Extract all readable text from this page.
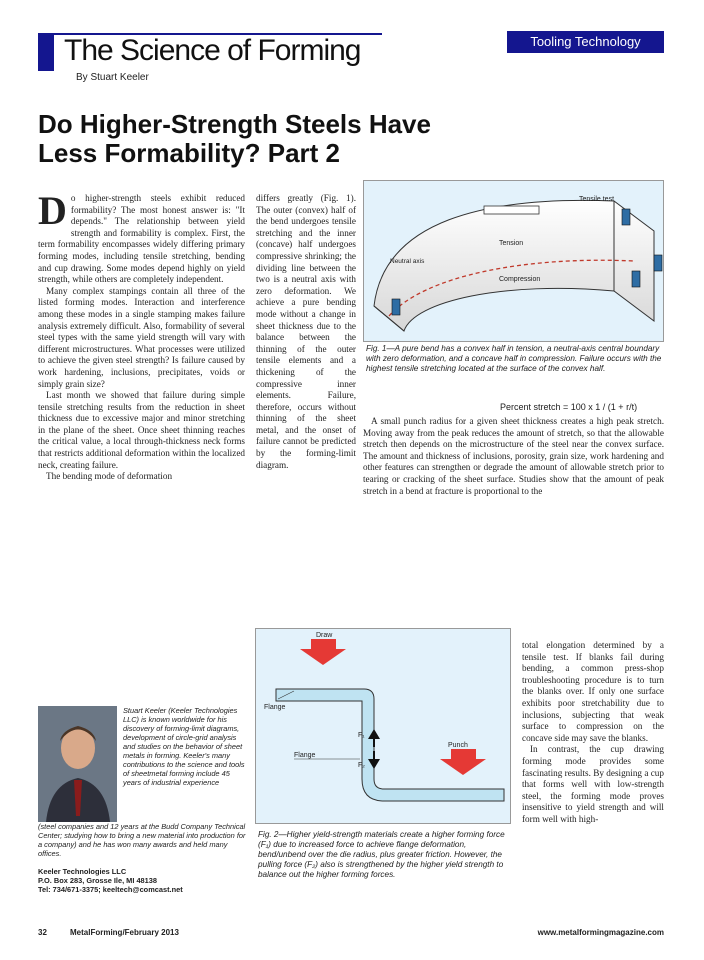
The Science of Forming
By Stuart Keeler
Tooling Technology
Do Higher-Strength Steels Have Less Formability? Part 2

Do higher-strength steels exhibit reduced formability? The most honest answer is: "It depends." The relationship between yield strength and formability is complex. First, the term formability encompasses widely differing primary forming modes, including tensile stretching, bending and cup drawing. Some modes depend highly on yield strength, while others are completely independent.

Many complex stampings contain all three of the listed forming modes. Interaction and interference among these modes in a single stamping makes failure analysis extremely difficult. Also, formability of several steel types with the same yield strength will vary with different microstructures. What processes were utilized to achieve the given steel strength? Is failure caused by work hardening, inclusions, precipitates, voids or simply grain size?

Last month we showed that failure during simple tensile stretching results from the reduction in sheet thickness due to excessive major and minor stretching in the plane of the sheet. Once sheet thinning reaches the critical value, a local through-thickness neck forms that restricts additional deformation within the localized neck, creating failure.

The bending mode of deformation

differs greatly (Fig. 1). The outer (convex) half of the bend undergoes tensile stretching and the inner (concave) half undergoes compressive shrinking; the dividing line between the two is a neutral axis with zero deformation. We achieve a pure bending mode without a change in sheet thickness due to the balance between the thinning of the outer tensile elements and a thickening of the compressive inner elements. Failure, therefore, occurs without thinning of the sheet metal, and the onset of failure cannot be predicted by the forming-limit diagram.

Tensile test
Tension
Neutral axis
Compression
Fig. 1—A pure bend has a convex half in tension, a neutral-axis central boundary with zero deformation, and a concave half in compression. Failure occurs with the highest tensile stretching located at the surface of the convex half.
Percent stretch = 100 x 1 / (1 + r/t)

A small punch radius for a given sheet thickness creates a high peak stretch. Moving away from the peak reduces the amount of stretch, so that the allowable stretch then depends on the microstructure of the steel near the convex surface. The amount and thickness of inclusions, porosity, grain size, work hardening and other features can strengthen or degrade the amount of allowable stretch prior to tearing or cracking of the sheet surface. Studies show that the amount of peak stretch in a bend at fracture is proportional to the

total elongation determined by a tensile test. If blanks fail during bending, a common press-shop troubleshooting procedure is to turn the blanks over. If only one surface exhibits poor stretchability due to inclusions, subjecting that weak surface to compression on the concave side may save the blanks.

In contrast, the cup drawing forming mode provides some fascinating results. By designing a cup that forms well with low-strength steel, the forming mode proves insensitive to yield strength and will form well with high-

Draw
Flange
Flange
Punch
F₁
F₂
Fig. 2—Higher yield-strength materials create a higher forming force (F₁) due to increased force to achieve flange deformation, bend/unbend over the die radius, plus greater friction. However, the pulling force (F₂) also is strengthened by the higher yield strength to balance out the higher forming forces.
Stuart Keeler (Keeler Technologies LLC) is known worldwide for his discovery of forming-limit diagrams, development of circle-grid analysis and studies on the behavior of sheet metals in forming. Keeler's many contributions to the science and tools of sheetmetal forming include 45 years of industrial experience
(steel companies and 12 years at the Budd Company Technical Center; studying how to bring a new material into production for a company) and he has won many awards and held many offices.
Keeler Technologies LLC
P.O. Box 283, Grosse Ile, MI 48138
Tel: 734/671-3375; keeltech@comcast.net
32	MetalForming/February 2013	www.metalformingmagazine.com
